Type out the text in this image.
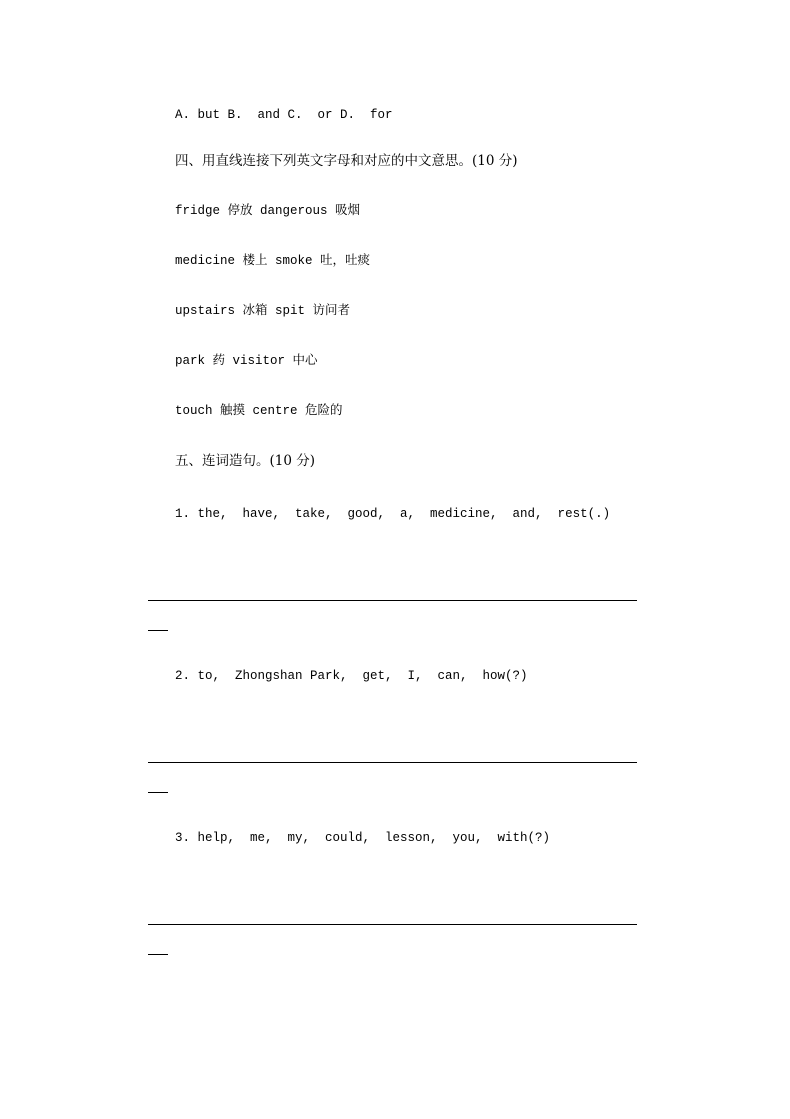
A. but B.  and C.  or D.  for
四、用直线连接下列英文字母和对应的中文意思。(10 分)
fridge 停放 dangerous 吸烟
medicine 楼上 smoke 吐，吐痰
upstairs 冰箱 spit 访问者
park 药 visitor 中心
touch 触摸 centre 危险的
五、连词造句。(10 分)
1. the,  have,  take,  good,  a,  medicine,  and,  rest(.)
2. to,  Zhongshan Park,  get,  I,  can,  how(?)
3. help,  me,  my,  could,  lesson,  you,  with(?)
